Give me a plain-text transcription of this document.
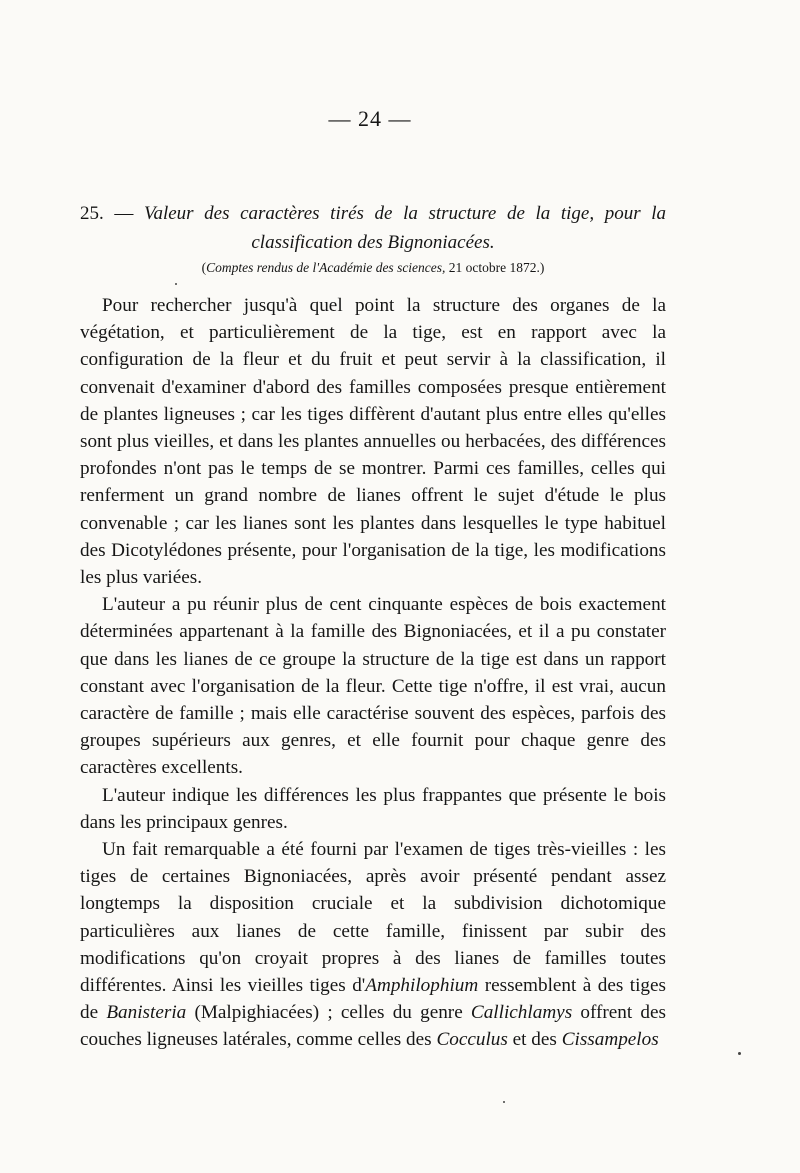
— 24 —
25. — Valeur des caractères tirés de la structure de la tige, pour la classification des Bignoniacées.
(Comptes rendus de l'Académie des sciences, 21 octobre 1872.)

Pour rechercher jusqu'à quel point la structure des organes de la végétation, et particulièrement de la tige, est en rapport avec la configuration de la fleur et du fruit et peut servir à la classification, il convenait d'examiner d'abord des familles composées presque entièrement de plantes ligneuses ; car les tiges diffèrent d'autant plus entre elles qu'elles sont plus vieilles, et dans les plantes annuelles ou herbacées, des différences profondes n'ont pas le temps de se montrer. Parmi ces familles, celles qui renferment un grand nombre de lianes offrent le sujet d'étude le plus convenable ; car les lianes sont les plantes dans lesquelles le type habituel des Dicotylédones présente, pour l'organisation de la tige, les modifications les plus variées.

L'auteur a pu réunir plus de cent cinquante espèces de bois exactement déterminées appartenant à la famille des Bignoniacées, et il a pu constater que dans les lianes de ce groupe la structure de la tige est dans un rapport constant avec l'organisation de la fleur. Cette tige n'offre, il est vrai, aucun caractère de famille ; mais elle caractérise souvent des espèces, parfois des groupes supérieurs aux genres, et elle fournit pour chaque genre des caractères excellents.

L'auteur indique les différences les plus frappantes que présente le bois dans les principaux genres.

Un fait remarquable a été fourni par l'examen de tiges très-vieilles : les tiges de certaines Bignoniacées, après avoir présenté pendant assez longtemps la disposition cruciale et la subdivision dichotomique particulières aux lianes de cette famille, finissent par subir des modifications qu'on croyait propres à des lianes de familles toutes différentes. Ainsi les vieilles tiges d'Amphilophium ressemblent à des tiges de Banisteria (Malpighiacées) ; celles du genre Callichlamys offrent des couches ligneuses latérales, comme celles des Cocculus et des Cissampelos
